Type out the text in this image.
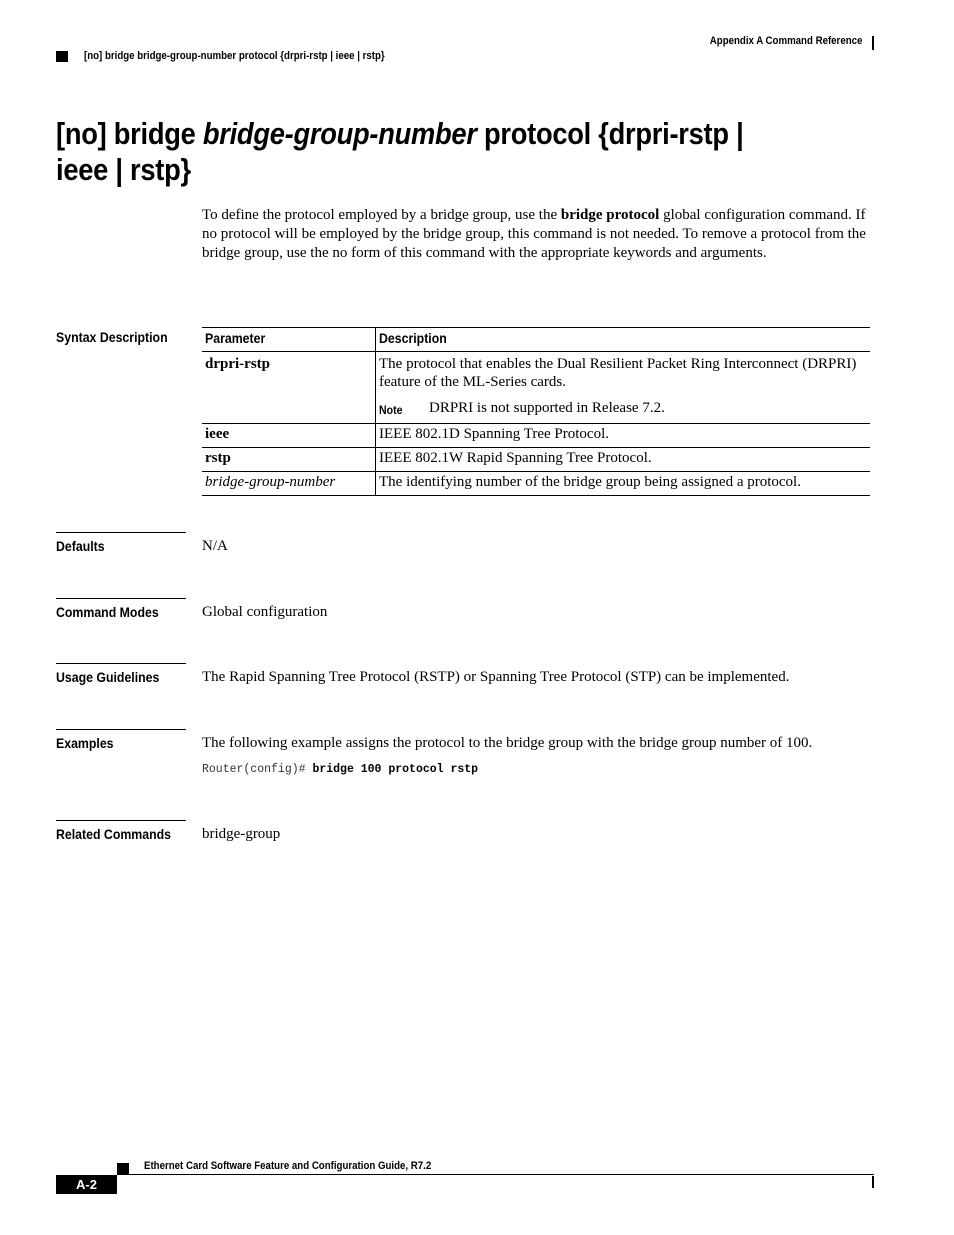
Appendix A Command Reference
[no] bridge bridge-group-number protocol {drpri-rstp | ieee | rstp}
[no] bridge bridge-group-number protocol {drpri-rstp | ieee | rstp}
To define the protocol employed by a bridge group, use the bridge protocol global configuration command. If no protocol will be employed by the bridge group, this command is not needed. To remove a protocol from the bridge group, use the no form of this command with the appropriate keywords and arguments.
Syntax Description	Parameter	Description
drpri-rstp	The protocol that enables the Dual Resilient Packet Ring Interconnect (DRPRI) feature of the ML-Series cards.
Note DRPRI is not supported in Release 7.2.

ieee	IEEE 802.1D Spanning Tree Protocol.
rstp	IEEE 802.1W Rapid Spanning Tree Protocol.
bridge-group-number	The identifying number of the bridge group being assigned a protocol.
Defaults	N/A
Command Modes	Global configuration
Usage Guidelines	The Rapid Spanning Tree Protocol (RSTP) or Spanning Tree Protocol (STP) can be implemented.
Examples	The following example assigns the protocol to the bridge group with the bridge group number of 100.
Router(config)# bridge 100 protocol rstp
Related Commands	bridge-group
Ethernet Card Software Feature and Configuration Guide, R7.2
A-2
